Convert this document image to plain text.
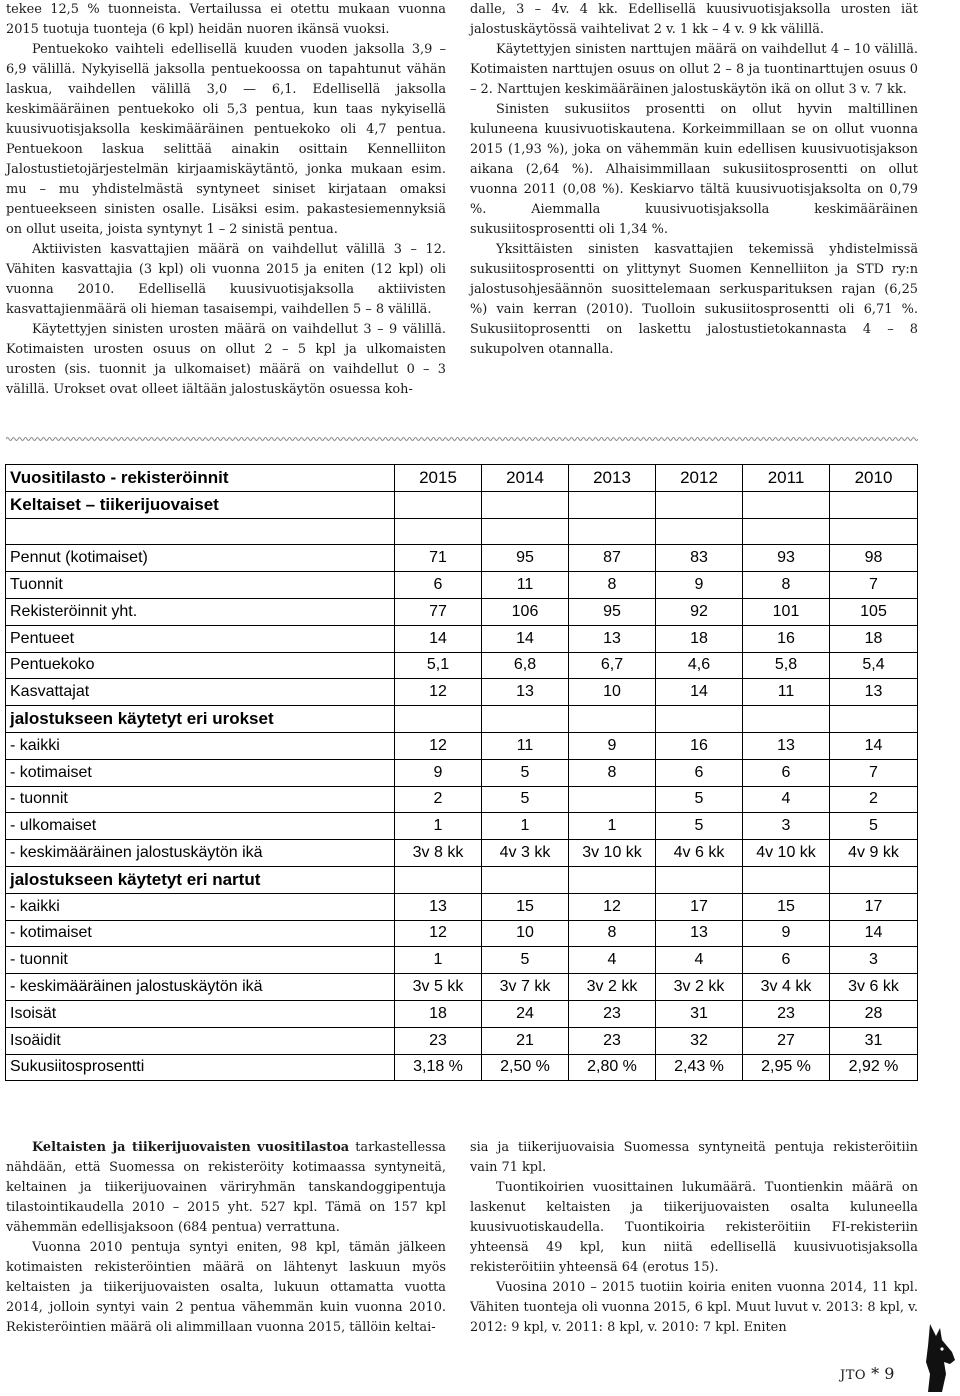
tekee 12,5 % tuonneista. Vertailussa ei otettu mukaan vuonna 2015 tuotuja tuonteja (6 kpl) heidän nuoren ikänsä vuoksi.

Pentuekoko vaihteli edellisellä kuuden vuoden jaksolla 3,9 – 6,9 välillä. Nykyisellä jaksolla pentuekoossa on tapahtunut vähän laskua, vaihdellen välillä 3,0 — 6,1. Edellisellä jaksolla keskimääräinen pentuekoko oli 5,3 pentua, kun taas nykyisellä kuusivuotisjaksolla keskimääräinen pentuekoko oli 4,7 pentua. Pentuekoon laskua selittää ainakin osittain Kennelliiton Jalostustietojärjestelmän kirjaamiskäytäntö, jonka mukaan esim. mu – mu yhdistelmästä syntyneet siniset kirjataan omaksi pentueekseen sinisten osalle. Lisäksi esim. pakastesiemennyksiä on ollut useita, joista syntynyt 1 – 2 sinistä pentua.

Aktiivisten kasvattajien määrä on vaihdellut välillä 3 – 12. Vähiten kasvattajia (3 kpl) oli vuonna 2015 ja eniten (12 kpl) oli vuonna 2010. Edellisellä kuusivuotisjaksolla aktiivisten kasvattajienmäärä oli hieman tasaisempi, vaihdellen 5 – 8 välillä.

Käytettyjen sinisten urosten määrä on vaihdellut 3 – 9 välillä. Kotimaisten urosten osuus on ollut 2 – 5 kpl ja ulkomaisten urosten (sis. tuonnit ja ulkomaiset) määrä on vaihdellut 0 – 3 välillä. Urokset ovat olleet iältään jalostuskäytön osuessa koh-

dalle, 3 – 4v. 4 kk. Edellisellä kuusivuotisjaksolla urosten iät jalostuskäytössä vaihtelivat 2 v. 1 kk – 4 v. 9 kk välillä.

Käytettyjen sinisten narttujen määrä on vaihdellut 4 – 10 välillä. Kotimaisten narttujen osuus on ollut 2 – 8 ja tuontinarttujen osuus 0 – 2. Narttujen keskimääräinen jalostuskäytön ikä on ollut 3 v. 7 kk.

Sinisten sukusiitos prosentti on ollut hyvin maltillinen kuluneena kuusivuotiskautena. Korkeimmillaan se on ollut vuonna 2015 (1,93 %), joka on vähemmän kuin edellisen kuusivuotisjakson aikana (2,64 %). Alhaisimmillaan sukusiitosprosentti on ollut vuonna 2011 (0,08 %). Keskiarvo tältä kuusivuotisjaksolta on 0,79 %. Aiemmalla kuusivuotisjaksolla keskimääräinen sukusiitosprosentti oli 1,34 %.

Yksittäisten sinisten kasvattajien tekemissä yhdistelmissä sukusiitosprosentti on ylittynyt Suomen Kennelliiton ja STD ry:n jalostusohjesäännön suosittelemaan serkusparituksen rajan (6,25 %) vain kerran (2010). Tuolloin sukusiitosprosentti oli 6,71 %. Sukusiitoprosentti on laskettu jalostustietokannasta 4 – 8 sukupolven otannalla.

Vuositilasto - rekisteröinnit	2015	2014	2013	2012	2011	2010
Keltaiset – tiikerijuovaiset						

Pennut (kotimaiset)	71	95	87	83	93	98
Tuonnit	6	11	8	9	8	7
Rekisteröinnit yht.	77	106	95	92	101	105
Pentueet	14	14	13	18	16	18
Pentuekoko	5,1	6,8	6,7	4,6	5,8	5,4
Kasvattajat	12	13	10	14	11	13
jalostukseen käytetyt eri urokset						
- kaikki	12	11	9	16	13	14
- kotimaiset	9	5	8	6	6	7
- tuonnit	2	5		5	4	2
- ulkomaiset	1	1	1	5	3	5
- keskimääräinen jalostuskäytön ikä	3v 8 kk	4v 3 kk	3v 10 kk	4v 6 kk	4v 10 kk	4v 9 kk
jalostukseen käytetyt eri nartut						
- kaikki	13	15	12	17	15	17
- kotimaiset	12	10	8	13	9	14
- tuonnit	1	5	4	4	6	3
- keskimääräinen jalostuskäytön ikä	3v 5 kk	3v 7 kk	3v 2 kk	3v 2 kk	3v 4 kk	3v 6 kk
Isoisät	18	24	23	31	23	28
Isoäidit	23	21	23	32	27	31
Sukusiitosprosentti	3,18 %	2,50 %	2,80 %	2,43 %	2,95 %	2,92 %

Keltaisten ja tiikerijuovaisten vuositilastoa tarkastellessa nähdään, että Suomessa on rekisteröity kotimaassa syntyneitä, keltainen ja tiikerijuovainen väriryhmän tanskandoggipentuja tilastointikaudella 2010 – 2015 yht. 527 kpl. Tämä on 157 kpl vähemmän edellisjaksoon (684 pentua) verrattuna.

Vuonna 2010 pentuja syntyi eniten, 98 kpl, tämän jälkeen kotimaisten rekisteröintien määrä on lähtenyt laskuun myös keltaisten ja tiikerijuovaisten osalta, lukuun ottamatta vuotta 2014, jolloin syntyi vain 2 pentua vähemmän kuin vuonna 2010. Rekisteröintien määrä oli alimmillaan vuonna 2015, tällöin keltai-

sia ja tiikerijuovaisia Suomessa syntyneitä pentuja rekisteröitiin vain 71 kpl.

Tuontikoirien vuosittainen lukumäärä. Tuontienkin määrä on laskenut keltaisten ja tiikerijuovaisten osalta kuluneella kuusivuotiskaudella. Tuontikoiria rekisteröitiin FI-rekisteriin yhteensä 49 kpl, kun niitä edellisellä kuusivuotisjaksolla rekisteröitiin yhteensä 64 (erotus 15).

Vuosina 2010 – 2015 tuotiin koiria eniten vuonna 2014, 11 kpl. Vähiten tuonteja oli vuonna 2015, 6 kpl. Muut luvut v. 2013: 8 kpl, v. 2012: 9 kpl, v. 2011: 8 kpl, v. 2010: 7 kpl. Eniten

JTO * 9
